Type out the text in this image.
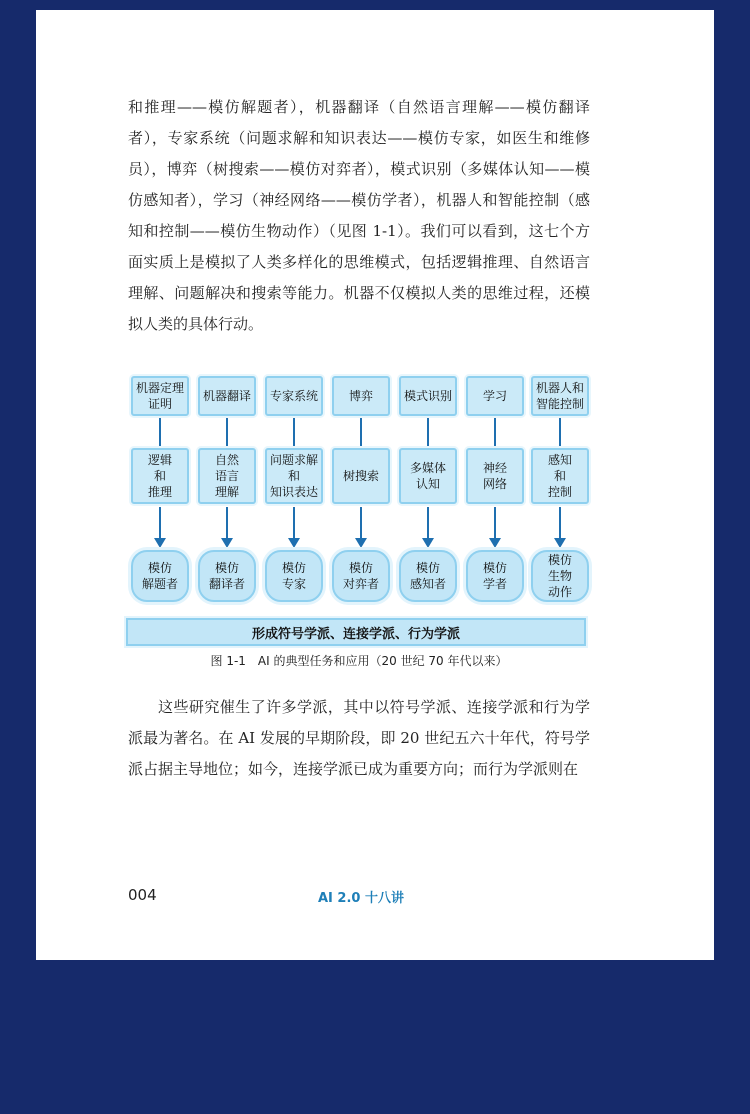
和推理——模仿解题者），机器翻译（自然语言理解——模仿翻译者），专家系统（问题求解和知识表达——模仿专家，如医生和维修员），博弈（树搜索——模仿对弈者），模式识别（多媒体认知——模仿感知者），学习（神经网络——模仿学者），机器人和智能控制（感知和控制——模仿生物动作）（见图 1-1）。我们可以看到，这七个方面实质上是模拟了人类多样化的思维模式，包括逻辑推理、自然语言理解、问题解决和搜索等能力。机器不仅模拟人类的思维过程，还模拟人类的具体行动。

机器定理
证明
逻辑
和
推理
模仿
解题者
机器翻译
自然
语言
理解
模仿
翻译者
专家系统
问题求解
和
知识表达
模仿
专家
博弈
树搜索
模仿
对弈者
模式识别
多媒体
认知
模仿
感知者
学习
神经
网络
模仿
学者
机器人和
智能控制
感知
和
控制
模仿
生物
动作
形成符号学派、连接学派、行为学派
图 1-1　AI 的典型任务和应用（20 世纪 70 年代以来）

这些研究催生了许多学派，其中以符号学派、连接学派和行为学派最为著名。在 AI 发展的早期阶段，即 20 世纪五六十年代，符号学派占据主导地位；如今，连接学派已成为重要方向；而行为学派则在

004	AI 2.0 十八讲
